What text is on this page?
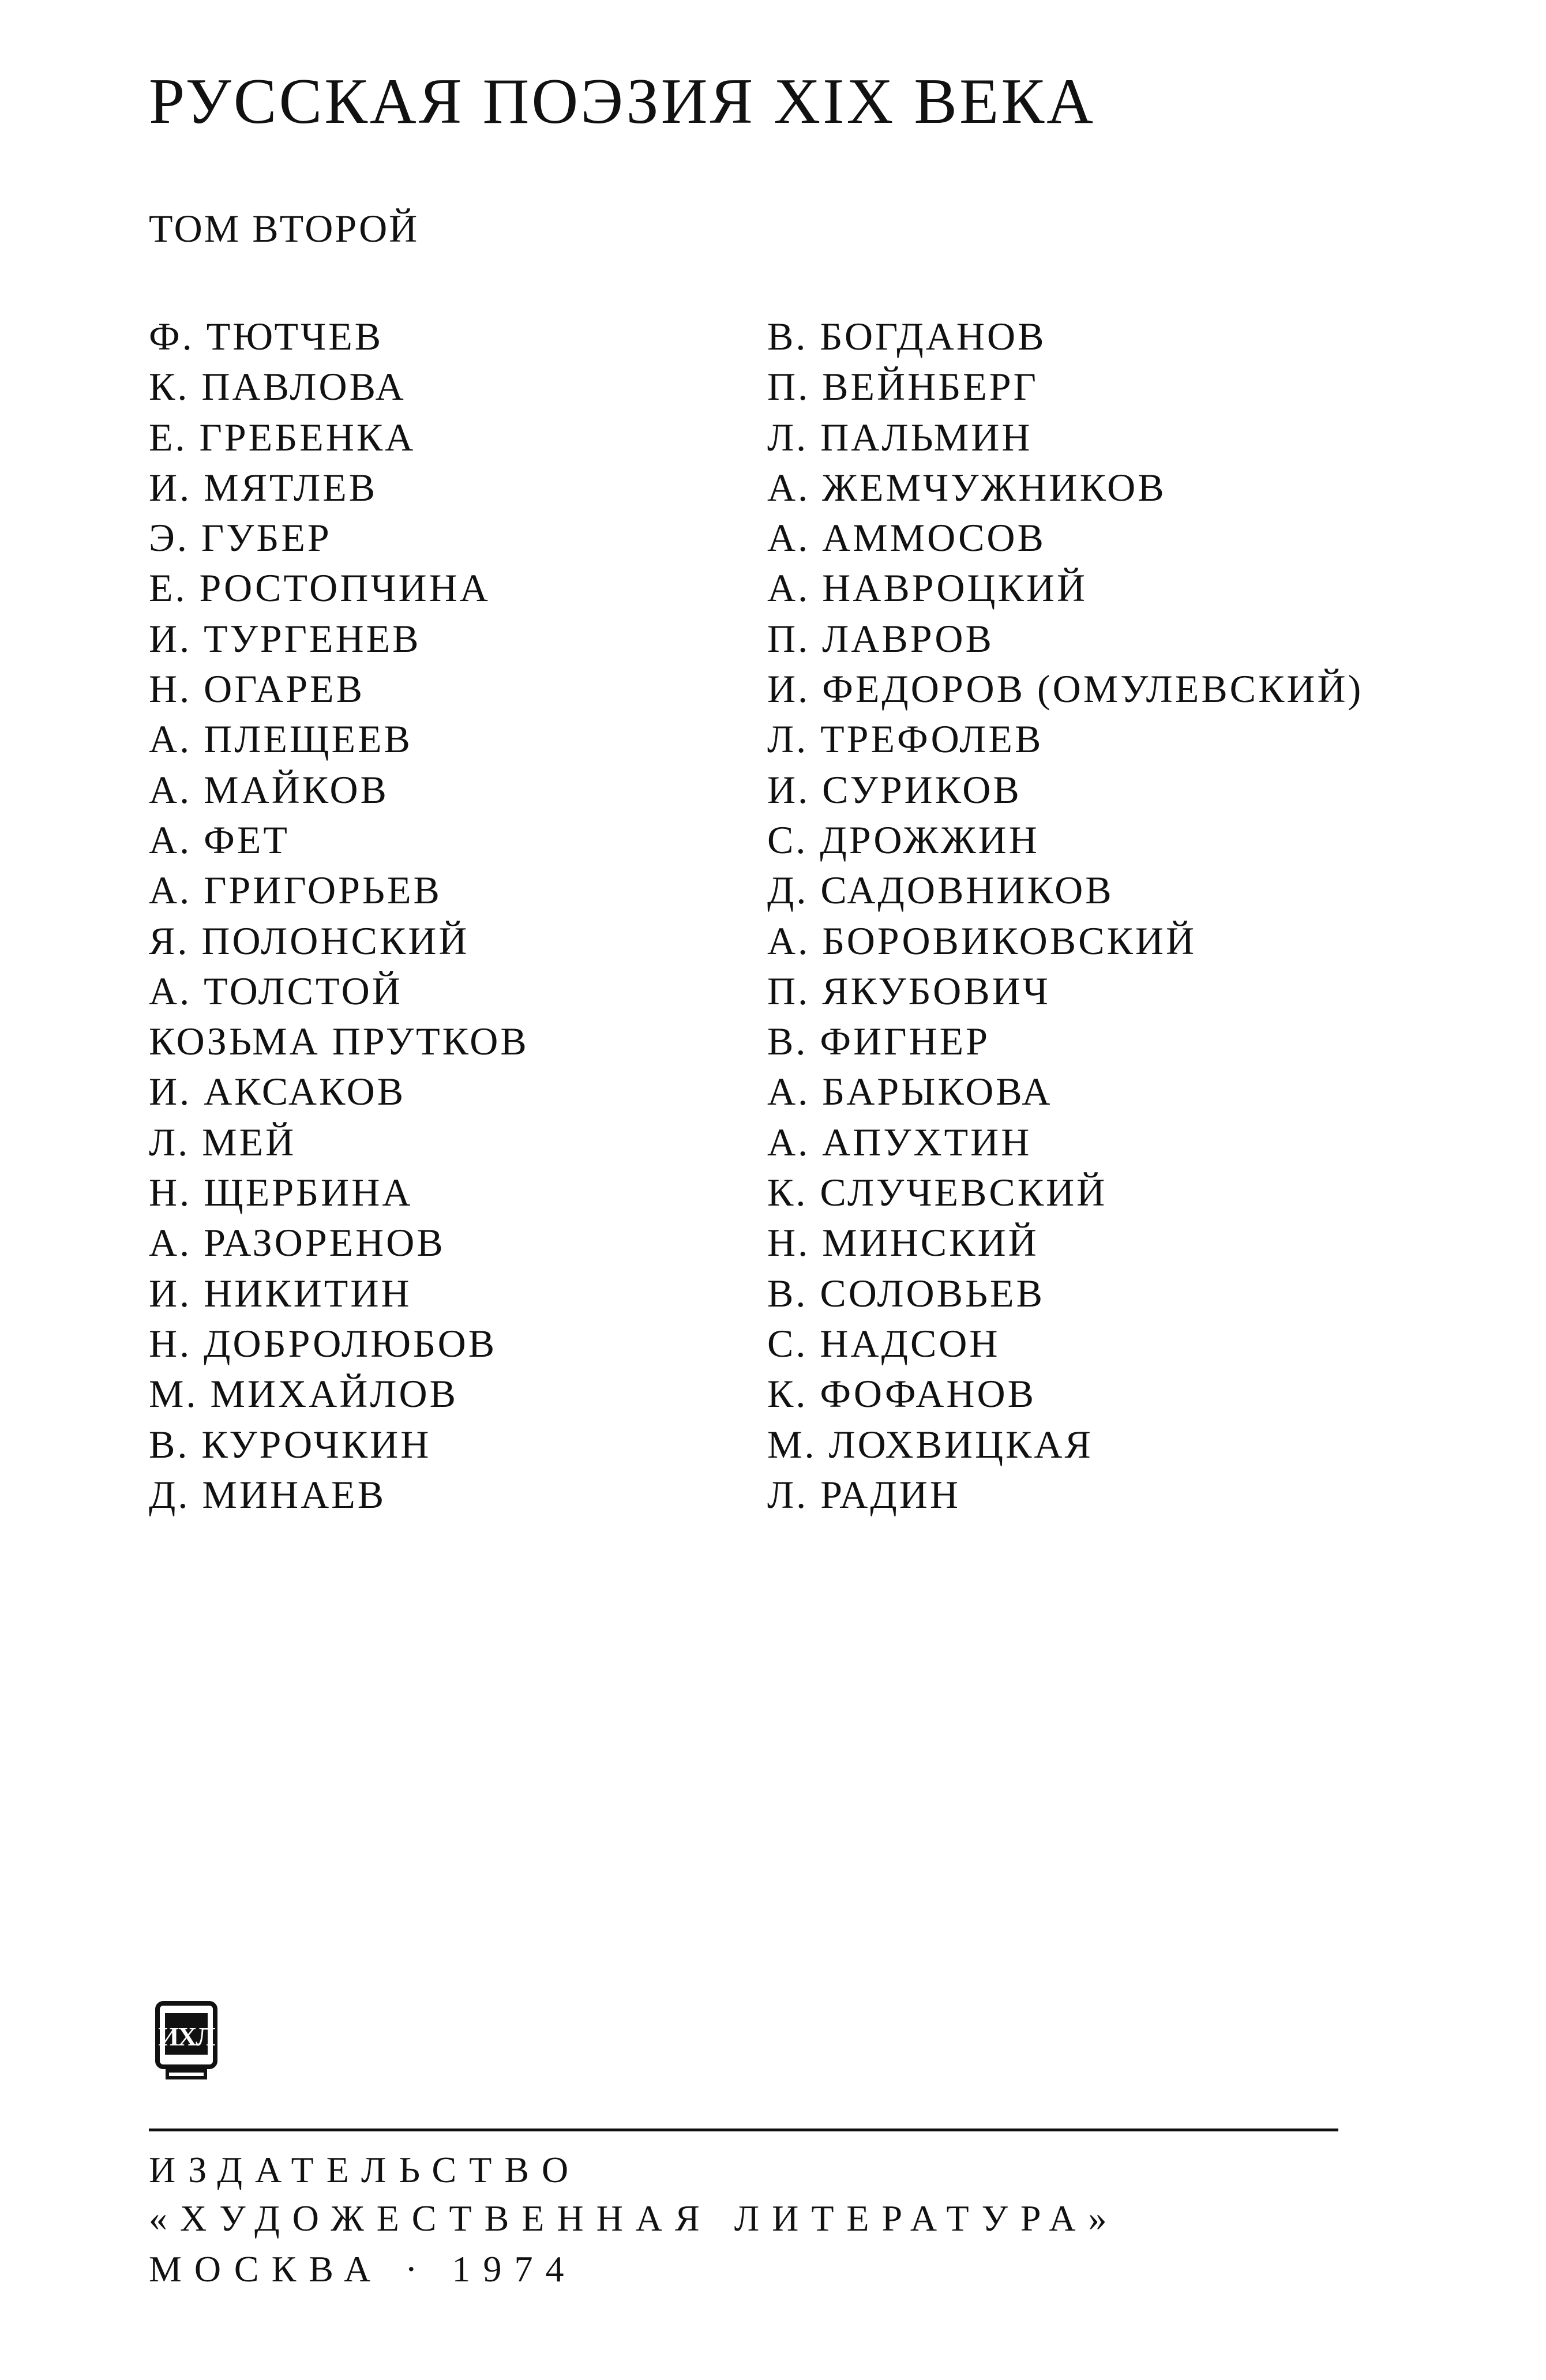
РУССКАЯ ПОЭЗИЯ XIX ВЕКА
ТОМ ВТОРОЙ
Ф. ТЮТЧЕВ
К. ПАВЛОВА
Е. ГРЕБЕНКА
И. МЯТЛЕВ
Э. ГУБЕР
Е. РОСТОПЧИНА
И. ТУРГЕНЕВ
Н. ОГАРЕВ
А. ПЛЕЩЕЕВ
А. МАЙКОВ
А. ФЕТ
А. ГРИГОРЬЕВ
Я. ПОЛОНСКИЙ
А. ТОЛСТОЙ
КОЗЬМА ПРУТКОВ
И. АКСАКОВ
Л. МЕЙ
Н. ЩЕРБИНА
А. РАЗОРЕНОВ
И. НИКИТИН
Н. ДОБРОЛЮБОВ
М. МИХАЙЛОВ
В. КУРОЧКИН
Д. МИНАЕВ
В. БОГДАНОВ
П. ВЕЙНБЕРГ
Л. ПАЛЬМИН
А. ЖЕМЧУЖНИКОВ
А. АММОСОВ
А. НАВРОЦКИЙ
П. ЛАВРОВ
И. ФЕДОРОВ (ОМУЛЕВСКИЙ)
Л. ТРЕФОЛЕВ
И. СУРИКОВ
С. ДРОЖЖИН
Д. САДОВНИКОВ
А. БОРОВИКОВСКИЙ
П. ЯКУБОВИЧ
В. ФИГНЕР
А. БАРЫКОВА
А. АПУХТИН
К. СЛУЧЕВСКИЙ
Н. МИНСКИЙ
В. СОЛОВЬЕВ
С. НАДСОН
К. ФОФАНОВ
М. ЛОХВИЦКАЯ
Л. РАДИН
ИХЛ
ИЗДАТЕЛЬСТВО
«ХУДОЖЕСТВЕННАЯ ЛИТЕРАТУРА»
МОСКВА · 1974
